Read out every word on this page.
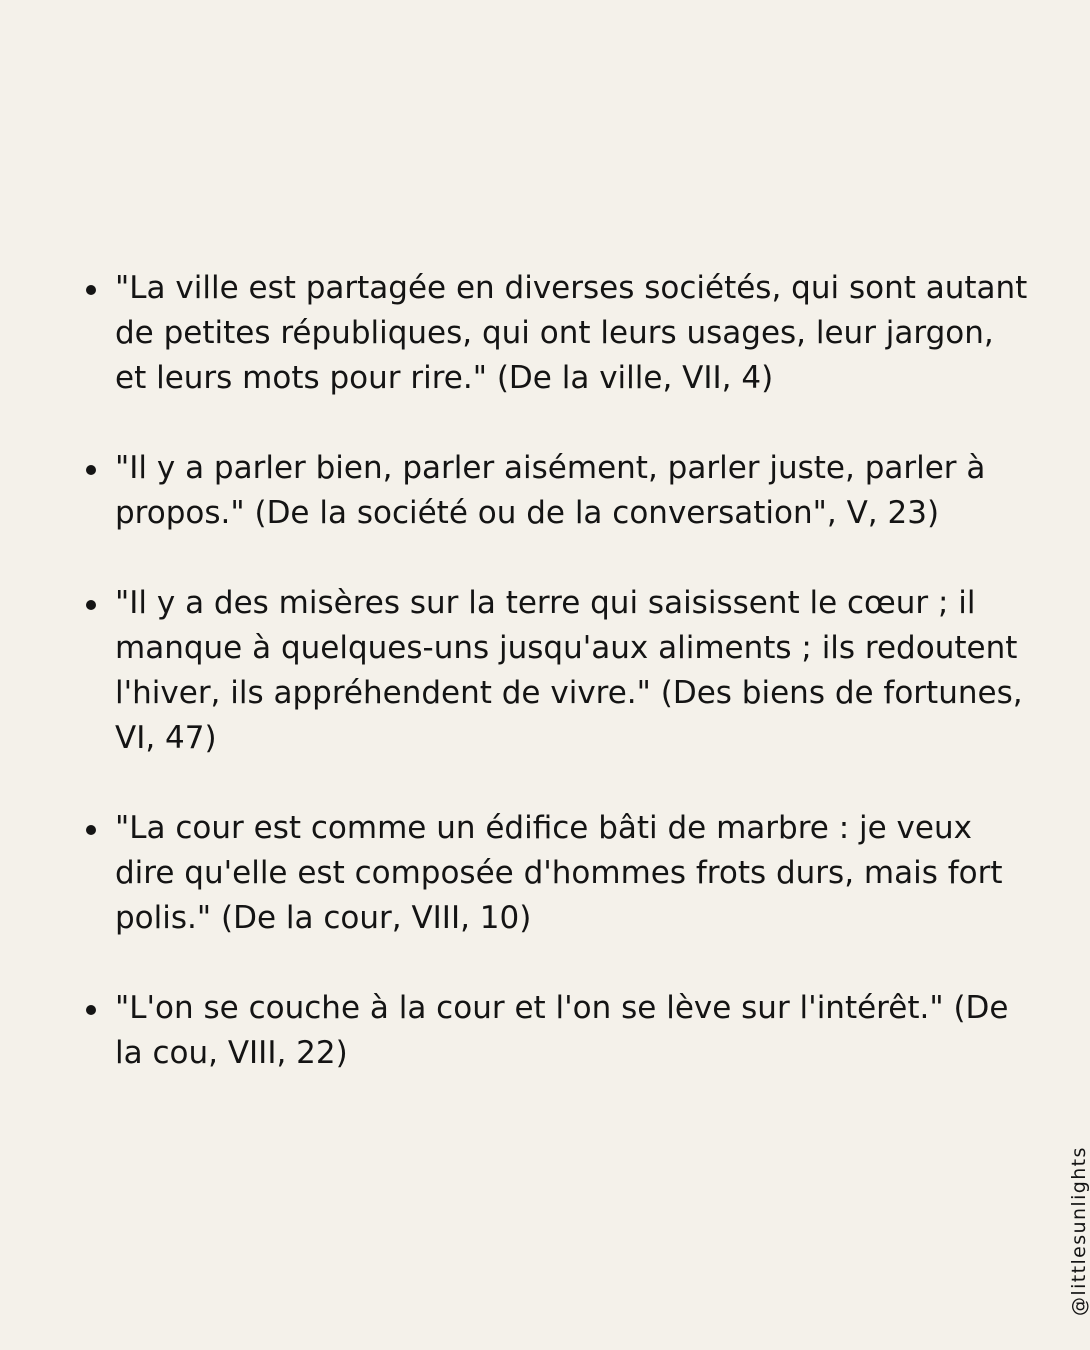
"La ville est partagée en diverses sociétés, qui sont autant de petites républiques, qui ont leurs usages, leur jargon, et leurs mots pour rire." (De la ville, VII, 4)
"Il y a parler bien, parler aisément, parler juste, parler à propos." (De la société ou de la conversation", V, 23)
"Il y a des misères sur la terre qui saisissent le cœur ; il manque à quelques-uns jusqu'aux aliments ; ils redoutent l'hiver, ils appréhendent de vivre." (Des biens de fortunes, VI, 47)
"La cour est comme un édifice bâti de marbre : je veux dire qu'elle est composée d'hommes frots durs, mais fort polis." (De la cour, VIII, 10)
"L'on se couche à la cour et l'on se lève sur l'intérêt." (De la cou, VIII, 22)
@littlesunlights
